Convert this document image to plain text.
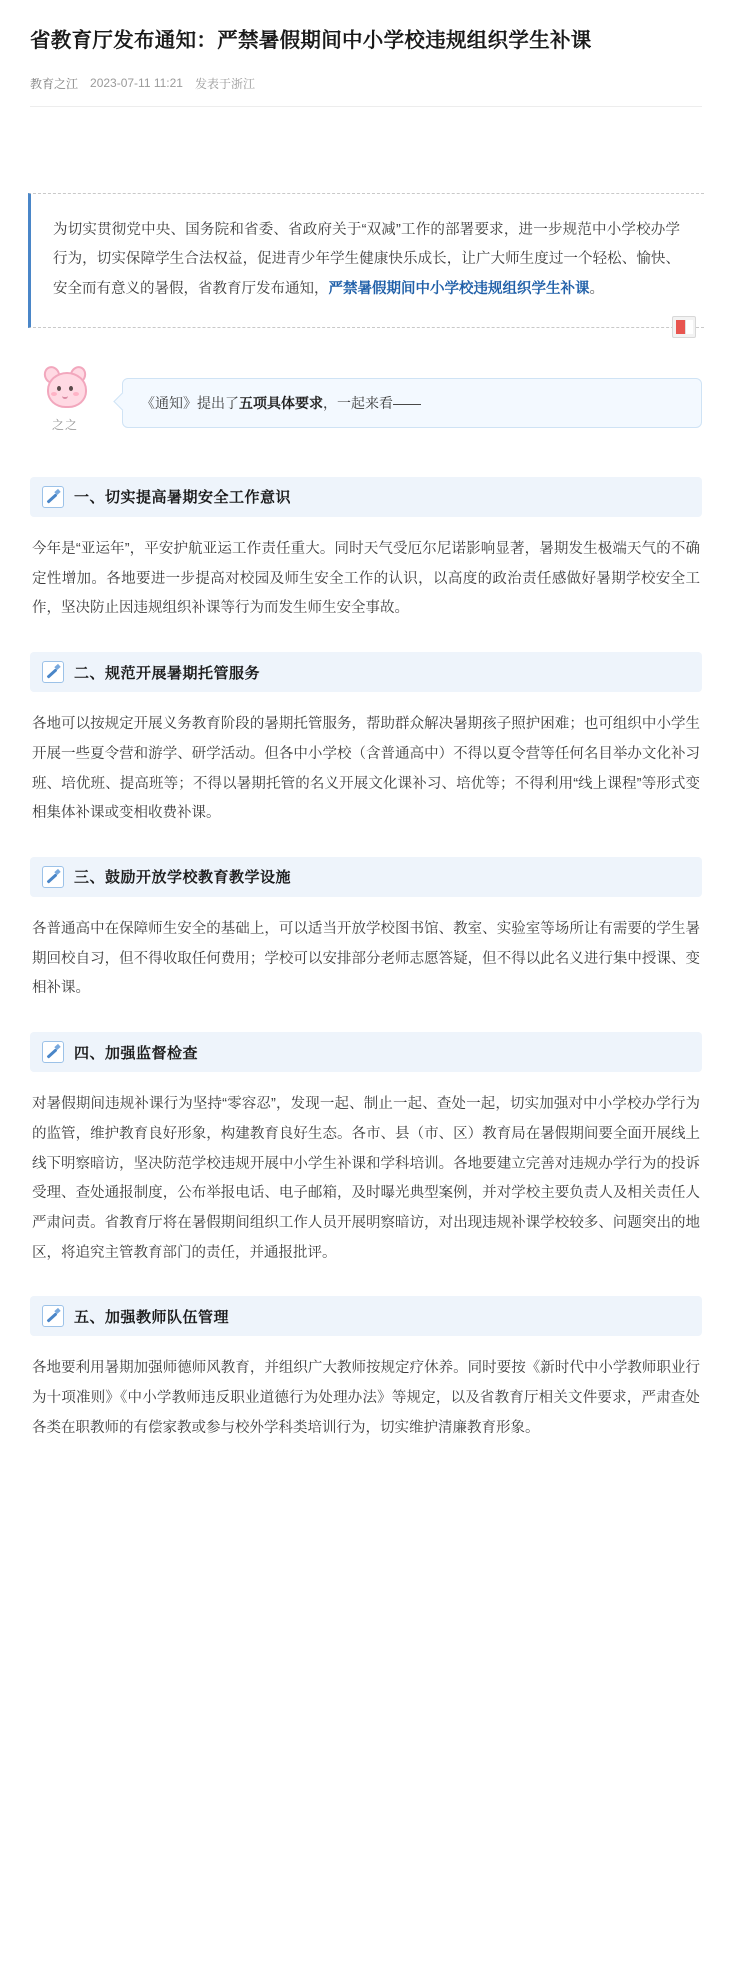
省教育厅发布通知：严禁暑假期间中小学校违规组织学生补课
教育之江 2023-07-11 11:21 发表于浙江
为切实贯彻党中央、国务院和省委、省政府关于“双减”工作的部署要求，进一步规范中小学校办学行为，切实保障学生合法权益，促进青少年学生健康快乐成长，让广大师生度过一个轻松、愉快、安全而有意义的暑假，省教育厅发布通知，严禁暑假期间中小学校违规组织学生补课。
之之
《通知》提出了五项具体要求，一起来看——
一、切实提高暑期安全工作意识
今年是“亚运年”，平安护航亚运工作责任重大。同时天气受厄尔尼诺影响显著，暑期发生极端天气的不确定性增加。各地要进一步提高对校园及师生安全工作的认识，以高度的政治责任感做好暑期学校安全工作，坚决防止因违规组织补课等行为而发生师生安全事故。
二、规范开展暑期托管服务
各地可以按规定开展义务教育阶段的暑期托管服务，帮助群众解决暑期孩子照护困难；也可组织中小学生开展一些夏令营和游学、研学活动。但各中小学校（含普通高中）不得以夏令营等任何名目举办文化补习班、培优班、提高班等；不得以暑期托管的名义开展文化课补习、培优等；不得利用“线上课程”等形式变相集体补课或变相收费补课。
三、鼓励开放学校教育教学设施
各普通高中在保障师生安全的基础上，可以适当开放学校图书馆、教室、实验室等场所让有需要的学生暑期回校自习，但不得收取任何费用；学校可以安排部分老师志愿答疑，但不得以此名义进行集中授课、变相补课。
四、加强监督检查
对暑假期间违规补课行为坚持“零容忍”，发现一起、制止一起、查处一起，切实加强对中小学校办学行为的监管，维护教育良好形象，构建教育良好生态。各市、县（市、区）教育局在暑假期间要全面开展线上线下明察暗访，坚决防范学校违规开展中小学生补课和学科培训。各地要建立完善对违规办学行为的投诉受理、查处通报制度，公布举报电话、电子邮箱，及时曝光典型案例，并对学校主要负责人及相关责任人严肃问责。省教育厅将在暑假期间组织工作人员开展明察暗访，对出现违规补课学校较多、问题突出的地区，将追究主管教育部门的责任，并通报批评。
五、加强教师队伍管理
各地要利用暑期加强师德师风教育，并组织广大教师按规定疗休养。同时要按《新时代中小学教师职业行为十项准则》《中小学教师违反职业道德行为处理办法》等规定，以及省教育厅相关文件要求，严肃查处各类在职教师的有偿家教或参与校外学科类培训行为，切实维护清廉教育形象。
